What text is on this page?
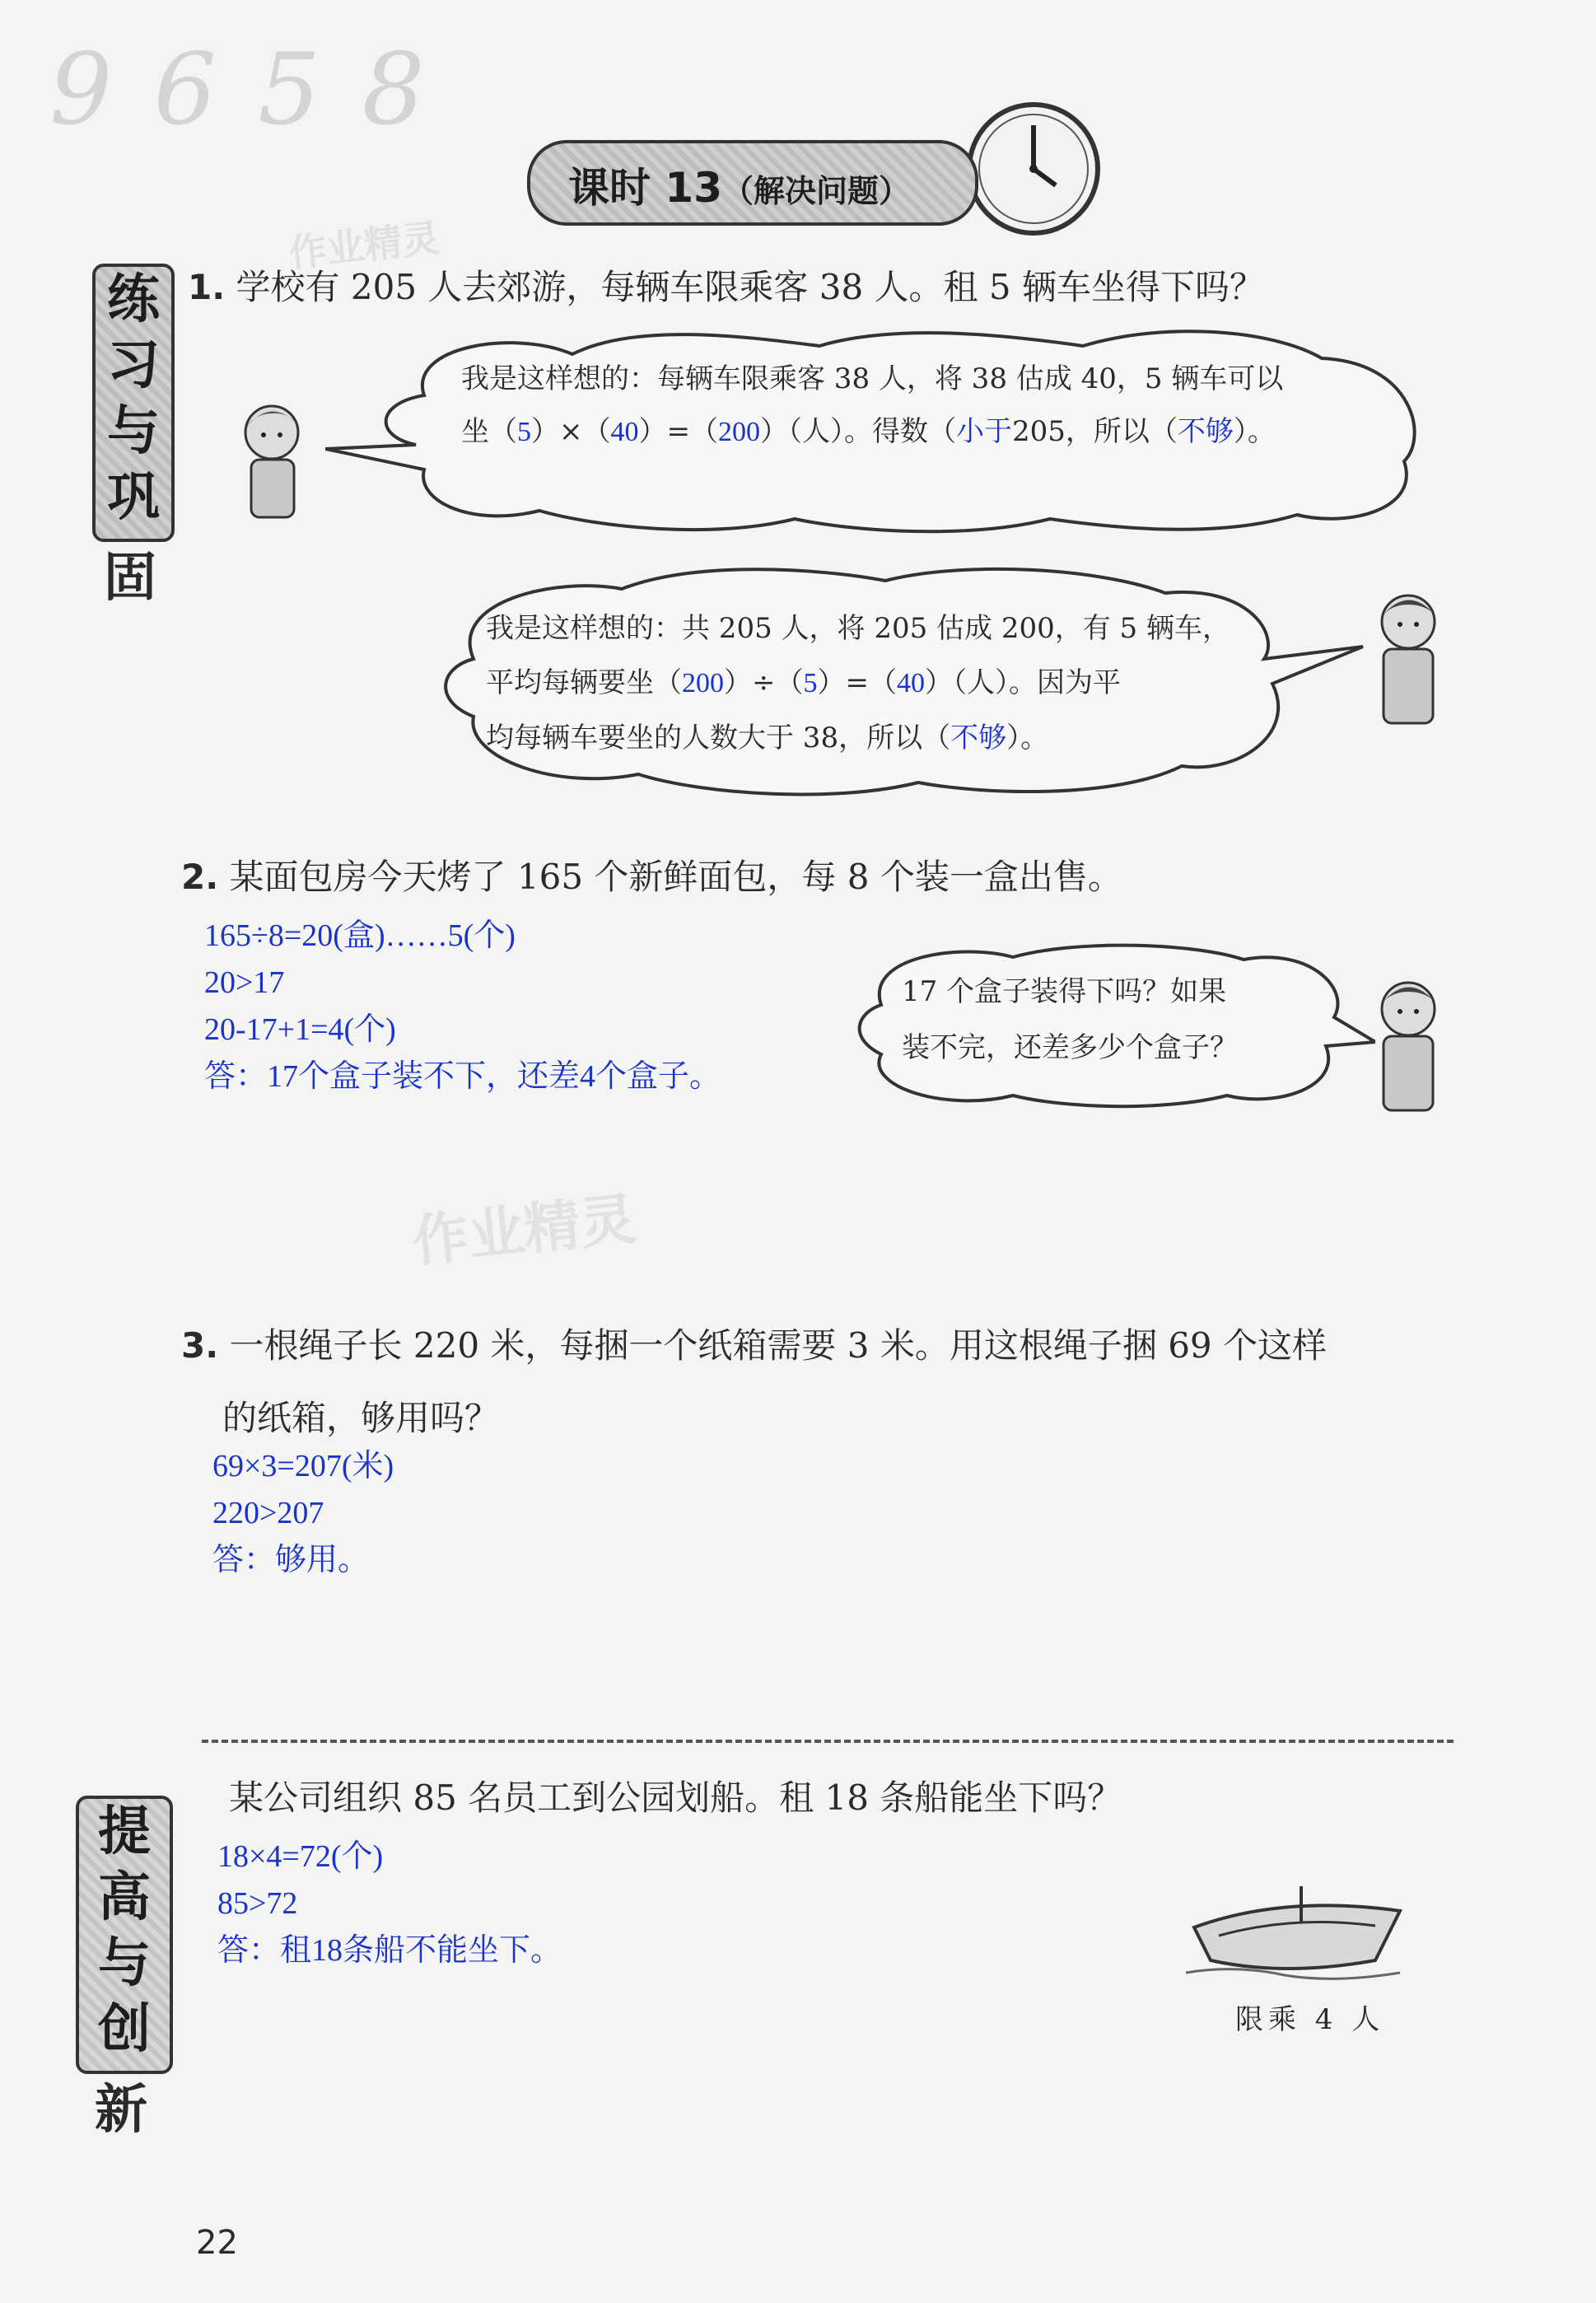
9 6 5 8
课时 13（解决问题）
练
习
与
巩
固
作业精灵
1. 学校有 205 人去郊游，每辆车限乘客 38 人。租 5 辆车坐得下吗？
我是这样想的：每辆车限乘客 38 人，将 38 估成 40，5 辆车可以
坐（5）×（40）=（200）（人）。得数（小于205，所以（不够）。
我是这样想的：共 205 人，将 205 估成 200，有 5 辆车，
平均每辆要坐（200）÷（5）=（40）（人）。因为平
均每辆车要坐的人数大于 38，所以（不够）。
2. 某面包房今天烤了 165 个新鲜面包，每 8 个装一盒出售。
165÷8=20(盒)……5(个)
20>17
20-17+1=4(个)
答：17个盒子装不下，还差4个盒子。
17 个盒子装得下吗？如果
装不完，还差多少个盒子？
作业精灵
3. 一根绳子长 220 米，每捆一个纸箱需要 3 米。用这根绳子捆 69 个这样
的纸箱，够用吗？
69×3=207(米)
220>207
答：够用。
提
高
与
创
新
某公司组织 85 名员工到公园划船。租 18 条船能坐下吗？
18×4=72(个)
85>72
答：租18条船不能坐下。
限乘 4 人
22
